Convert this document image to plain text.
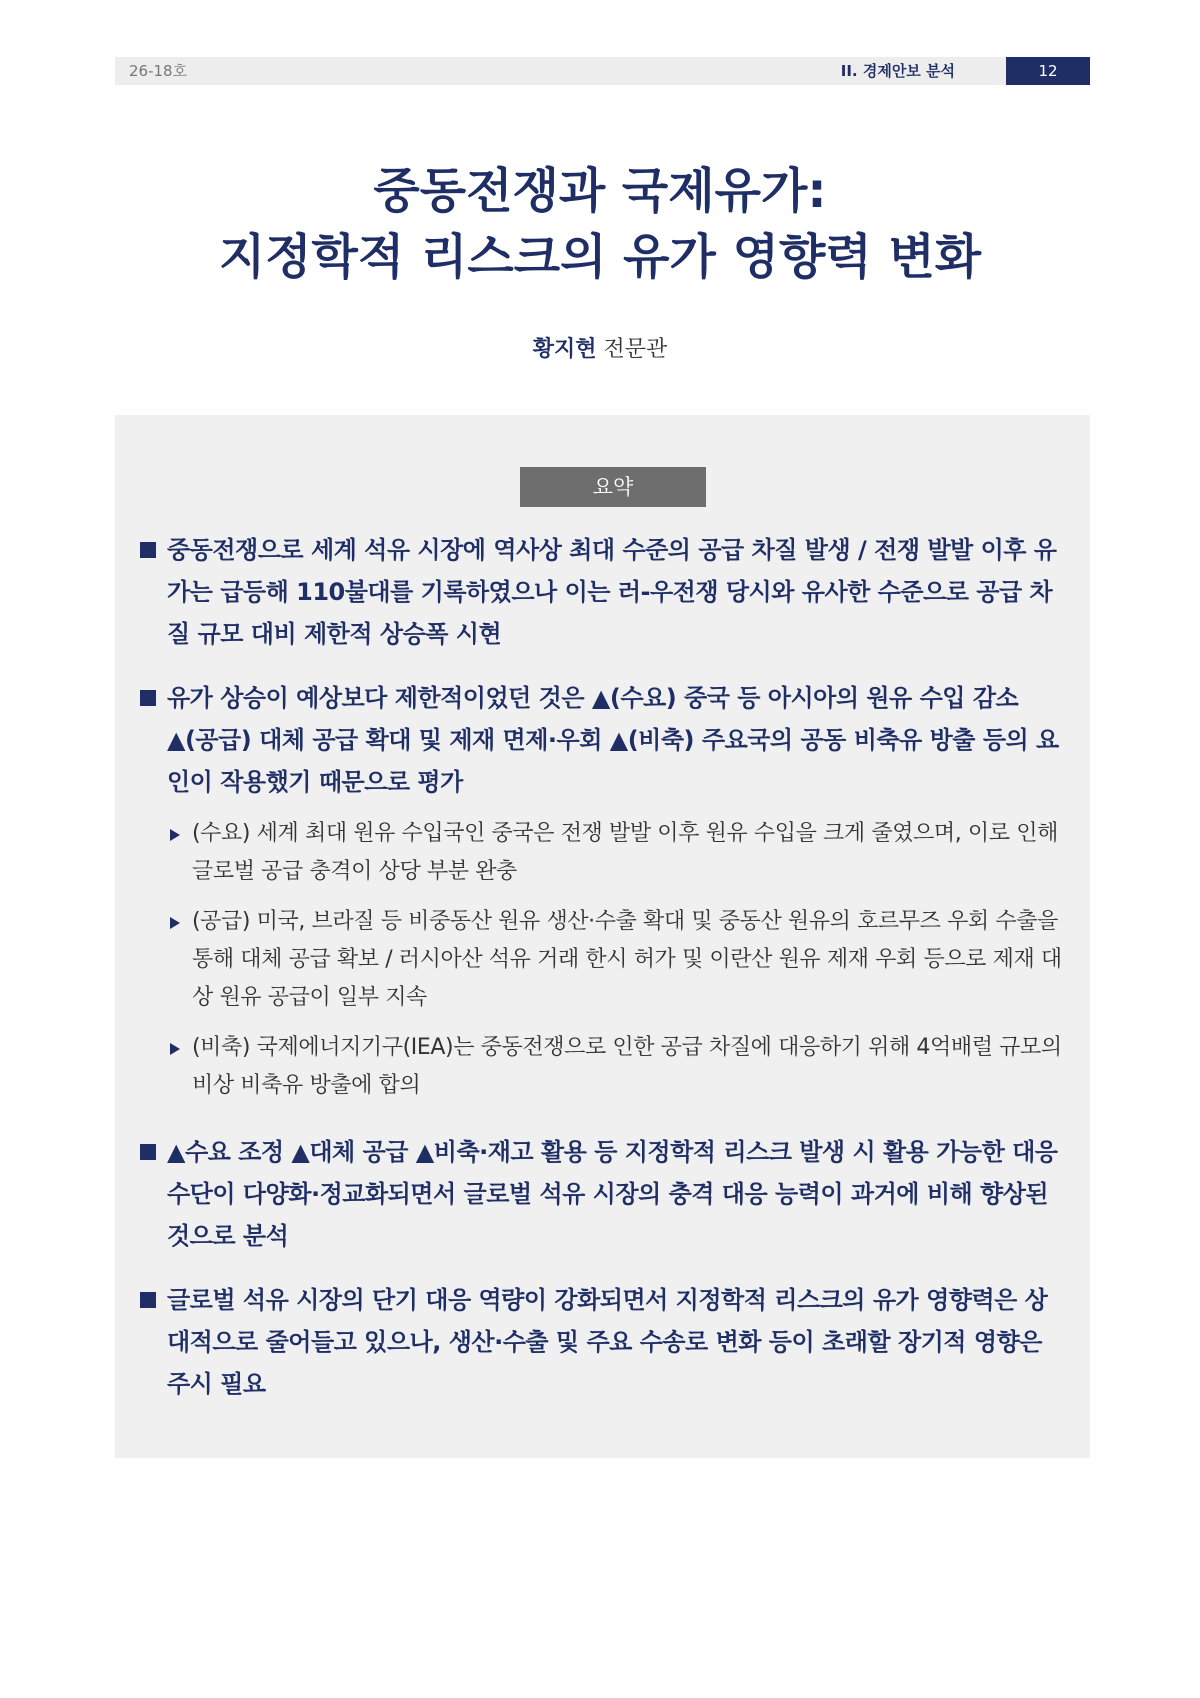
26-18호	II. 경제안보 분석	12
중동전쟁과 국제유가:
지정학적 리스크의 유가 영향력 변화
황지현 전문관
요약

중동전쟁으로 세계 석유 시장에 역사상 최대 수준의 공급 차질 발생 / 전쟁 발발 이후 유가는 급등해 110불대를 기록하였으나 이는 러-우전쟁 당시와 유사한 수준으로 공급 차질 규모 대비 제한적 상승폭 시현

유가 상승이 예상보다 제한적이었던 것은 ▲(수요) 중국 등 아시아의 원유 수입 감소 ▲(공급) 대체 공급 확대 및 제재 면제·우회 ▲(비축) 주요국의 공동 비축유 방출 등의 요인이 작용했기 때문으로 평가

(수요) 세계 최대 원유 수입국인 중국은 전쟁 발발 이후 원유 수입을 크게 줄였으며, 이로 인해 글로벌 공급 충격이 상당 부분 완충

(공급) 미국, 브라질 등 비중동산 원유 생산·수출 확대 및 중동산 원유의 호르무즈 우회 수출을 통해 대체 공급 확보 / 러시아산 석유 거래 한시 허가 및 이란산 원유 제재 우회 등으로 제재 대상 원유 공급이 일부 지속

(비축) 국제에너지기구(IEA)는 중동전쟁으로 인한 공급 차질에 대응하기 위해 4억배럴 규모의 비상 비축유 방출에 합의

▲수요 조정 ▲대체 공급 ▲비축·재고 활용 등 지정학적 리스크 발생 시 활용 가능한 대응 수단이 다양화·정교화되면서 글로벌 석유 시장의 충격 대응 능력이 과거에 비해 향상된 것으로 분석

글로벌 석유 시장의 단기 대응 역량이 강화되면서 지정학적 리스크의 유가 영향력은 상대적으로 줄어들고 있으나, 생산·수출 및 주요 수송로 변화 등이 초래할 장기적 영향은 주시 필요
